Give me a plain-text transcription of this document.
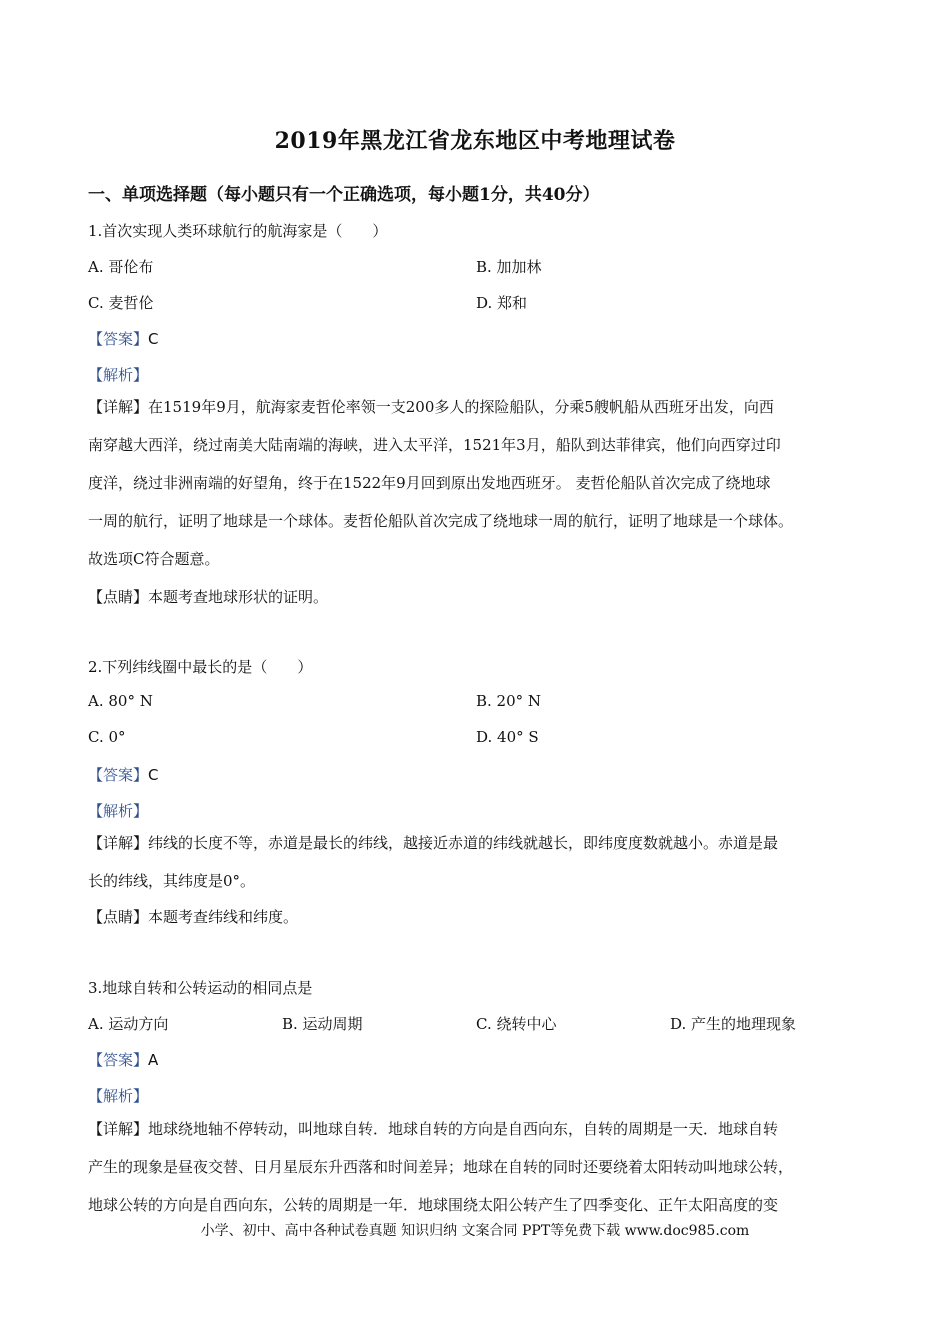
2019年黑龙江省龙东地区中考地理试卷
一、单项选择题（每小题只有一个正确选项，每小题1分，共40分）
1.首次实现人类环球航行的航海家是（　　）
A. 哥伦布	B. 加加林
C. 麦哲伦	D. 郑和
【答案】C
【解析】
【详解】在1519年9月，航海家麦哲伦率领一支200多人的探险船队，分乘5艘帆船从西班牙出发，向西
南穿越大西洋，绕过南美大陆南端的海峡，进入太平洋，1521年3月，船队到达菲律宾，他们向西穿过印
度洋，绕过非洲南端的好望角，终于在1522年9月回到原出发地西班牙。 麦哲伦船队首次完成了绕地球
一周的航行，证明了地球是一个球体。麦哲伦船队首次完成了绕地球一周的航行，证明了地球是一个球体。
故选项C符合题意。
【点睛】本题考查地球形状的证明。
2.下列纬线圈中最长的是（　　）
A. 80° N	B. 20° N
C. 0°	D. 40° S
【答案】C
【解析】
【详解】纬线的长度不等，赤道是最长的纬线，越接近赤道的纬线就越长，即纬度度数就越小。赤道是最
长的纬线，其纬度是0°。
【点睛】本题考查纬线和纬度。
3.地球自转和公转运动的相同点是
A. 运动方向	B. 运动周期	C. 绕转中心	D. 产生的地理现象
【答案】A
【解析】
【详解】地球绕地轴不停转动，叫地球自转．地球自转的方向是自西向东，自转的周期是一天．地球自转
产生的现象是昼夜交替、日月星辰东升西落和时间差异；地球在自转的同时还要绕着太阳转动叫地球公转，
地球公转的方向是自西向东，公转的周期是一年．地球围绕太阳公转产生了四季变化、正午太阳高度的变
小学、初中、高中各种试卷真题 知识归纳 文案合同 PPT等免费下载 www.doc985.com
